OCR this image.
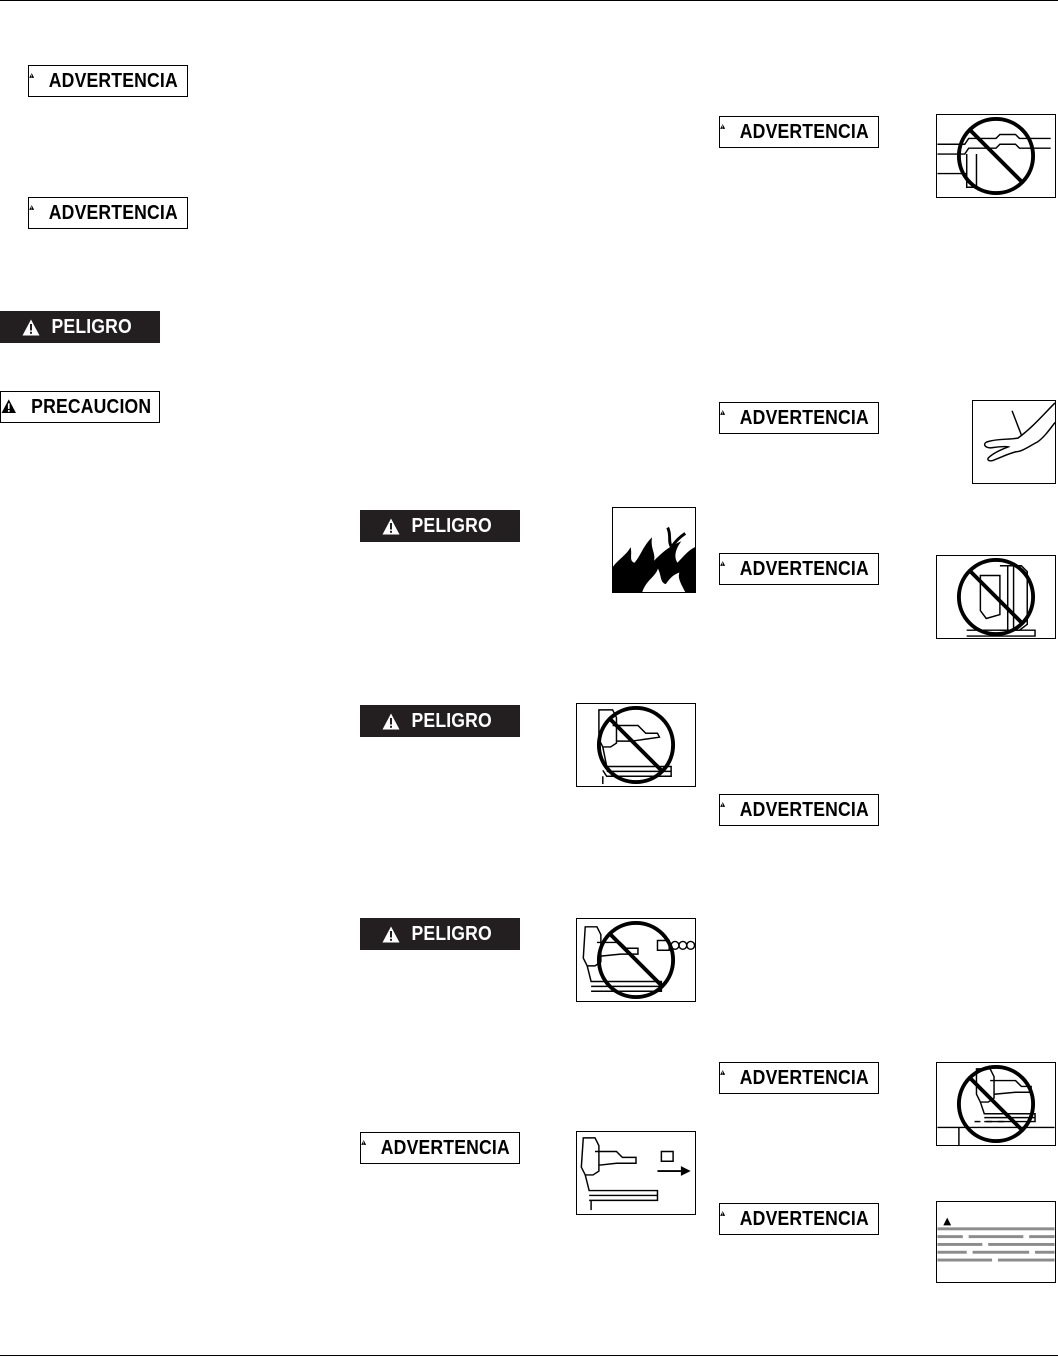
ADVERTENCIA
ADVERTENCIA
PELIGRO
PRECAUCION
PELIGRO
PELIGRO
PELIGRO
ADVERTENCIA
ADVERTENCIA
ADVERTENCIA
ADVERTENCIA
ADVERTENCIA
ADVERTENCIA
ADVERTENCIA
